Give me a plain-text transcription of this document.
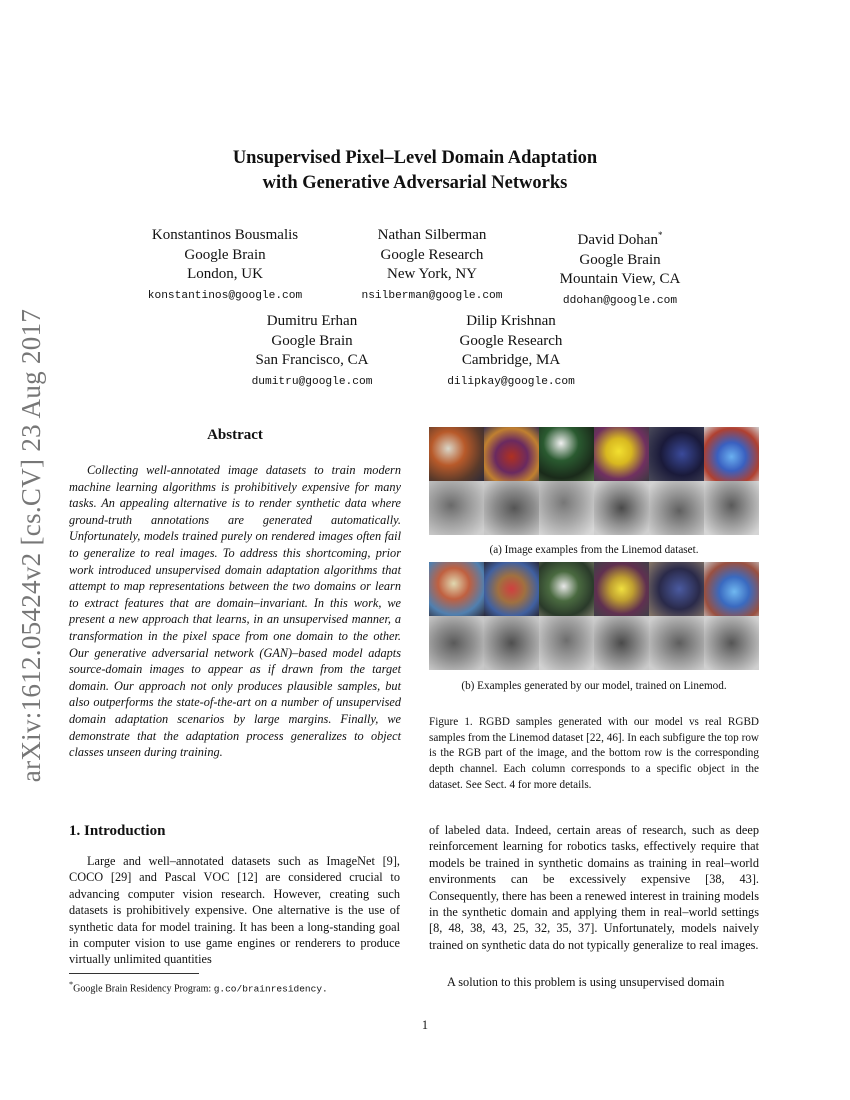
arXiv:1612.05424v2 [cs.CV] 23 Aug 2017
Unsupervised Pixel–Level Domain Adaptation
with Generative Adversarial Networks
Konstantinos Bousmalis
Google Brain
London, UK
konstantinos@google.com
Nathan Silberman
Google Research
New York, NY
nsilberman@google.com
David Dohan*
Google Brain
Mountain View, CA
ddohan@google.com
Dumitru Erhan
Google Brain
San Francisco, CA
dumitru@google.com
Dilip Krishnan
Google Research
Cambridge, MA
dilipkay@google.com
Abstract

Collecting well-annotated image datasets to train modern machine learning algorithms is prohibitively expensive for many tasks. An appealing alternative is to render synthetic data where ground-truth annotations are generated automatically. Unfortunately, models trained purely on rendered images often fail to generalize to real images. To address this shortcoming, prior work introduced unsupervised domain adaptation algorithms that attempt to map representations between the two domains or learn to extract features that are domain–invariant. In this work, we present a new approach that learns, in an unsupervised manner, a transformation in the pixel space from one domain to the other. Our generative adversarial network (GAN)–based model adapts source-domain images to appear as if drawn from the target domain. Our approach not only produces plausible samples, but also outperforms the state-of-the-art on a number of unsupervised domain adaptation scenarios by large margins. Finally, we demonstrate that the adaptation process generalizes to object classes unseen during training.

(a) Image examples from the Linemod dataset.
(b) Examples generated by our model, trained on Linemod.

Figure 1. RGBD samples generated with our model vs real RGBD samples from the Linemod dataset [22, 46]. In each subfigure the top row is the RGB part of the image, and the bottom row is the corresponding depth channel. Each column corresponds to a specific object in the dataset. See Sect. 4 for more details.

1. Introduction

Large and well–annotated datasets such as ImageNet [9], COCO [29] and Pascal VOC [12] are considered crucial to advancing computer vision research. However, creating such datasets is prohibitively expensive. One alternative is the use of synthetic data for model training. It has been a long-standing goal in computer vision to use game engines or renderers to produce virtually unlimited quantities

*Google Brain Residency Program: g.co/brainresidency.

of labeled data. Indeed, certain areas of research, such as deep reinforcement learning for robotics tasks, effectively require that models be trained in synthetic domains as training in real–world environments can be excessively expensive [38, 43]. Consequently, there has been a renewed interest in training models in the synthetic domain and applying them in real–world settings [8, 48, 38, 43, 25, 32, 35, 37]. Unfortunately, models naively trained on synthetic data do not typically generalize to real images.

A solution to this problem is using unsupervised domain

1
